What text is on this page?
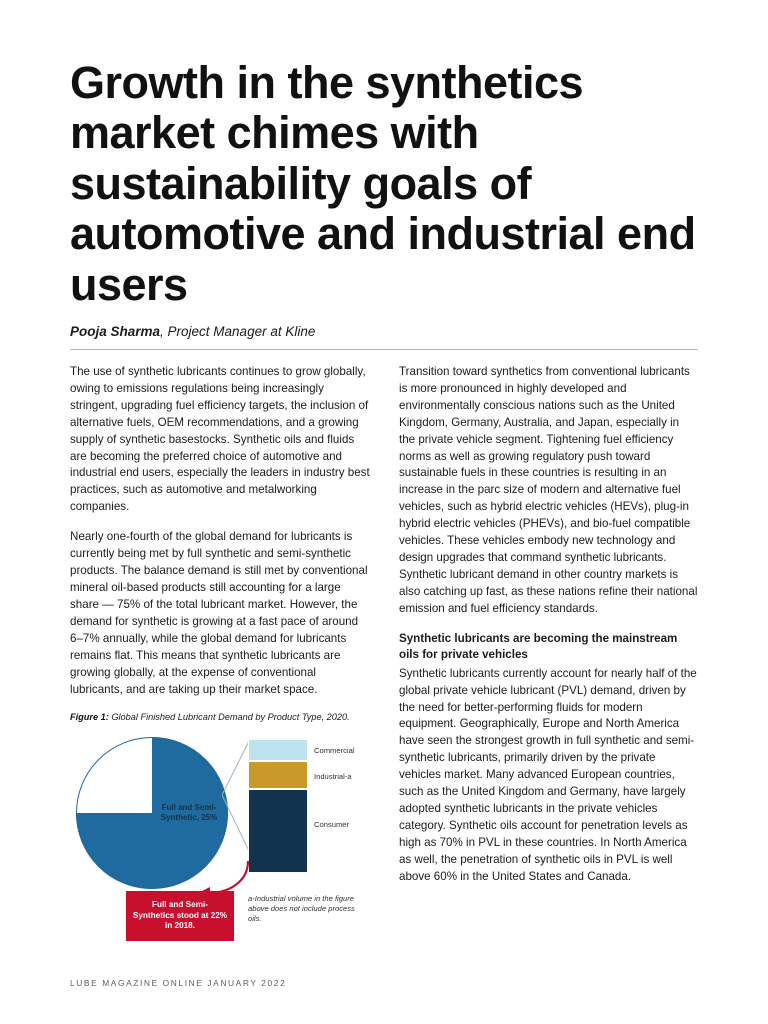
Growth in the synthetics market chimes with sustainability goals of automotive and industrial end users
Pooja Sharma, Project Manager at Kline

The use of synthetic lubricants continues to grow globally, owing to emissions regulations being increasingly stringent, upgrading fuel efficiency targets, the inclusion of alternative fuels, OEM recommendations, and a growing supply of synthetic basestocks. Synthetic oils and fluids are becoming the preferred choice of automotive and industrial end users, especially the leaders in industry best practices, such as automotive and metalworking companies.

Nearly one-fourth of the global demand for lubricants is currently being met by full synthetic and semi-synthetic products. The balance demand is still met by conventional mineral oil-based products still accounting for a large share — 75% of the total lubricant market. However, the demand for synthetic is growing at a fast pace of around 6–7% annually, while the global demand for lubricants remains flat. This means that synthetic lubricants are growing globally, at the expense of conventional lubricants, and are taking up their market space.

Figure 1: Global Finished Lubricant Demand by Product Type, 2020.
Conventional 75%	Full and Semi-Synthetic, 25%
Commercial
Industrial-a
Consumer
Full and Semi-Synthetics stood at 22% in 2018.
a-Industrial volume in the figure above does not include process oils.

Transition toward synthetics from conventional lubricants is more pronounced in highly developed and environmentally conscious nations such as the United Kingdom, Germany, Australia, and Japan, especially in the private vehicle segment. Tightening fuel efficiency norms as well as growing regulatory push toward sustainable fuels in these countries is resulting in an increase in the parc size of modern and alternative fuel vehicles, such as hybrid electric vehicles (HEVs), plug-in hybrid electric vehicles (PHEVs), and bio-fuel compatible vehicles. These vehicles embody new technology and design upgrades that command synthetic lubricants. Synthetic lubricant demand in other country markets is also catching up fast, as these nations refine their national emission and fuel efficiency standards.

Synthetic lubricants are becoming the mainstream oils for private vehicles

Synthetic lubricants currently account for nearly half of the global private vehicle lubricant (PVL) demand, driven by the need for better-performing fluids for modern equipment. Geographically, Europe and North America have seen the strongest growth in full synthetic and semi-synthetic lubricants, primarily driven by the private vehicles market. Many advanced European countries, such as the United Kingdom and Germany, have largely adopted synthetic lubricants in the private vehicles category. Synthetic oils account for penetration levels as high as 70% in PVL in these countries. In North America as well, the penetration of synthetic oils in PVL is well above 60% in the United States and Canada.

LUBE MAGAZINE ONLINE JANUARY 2022
